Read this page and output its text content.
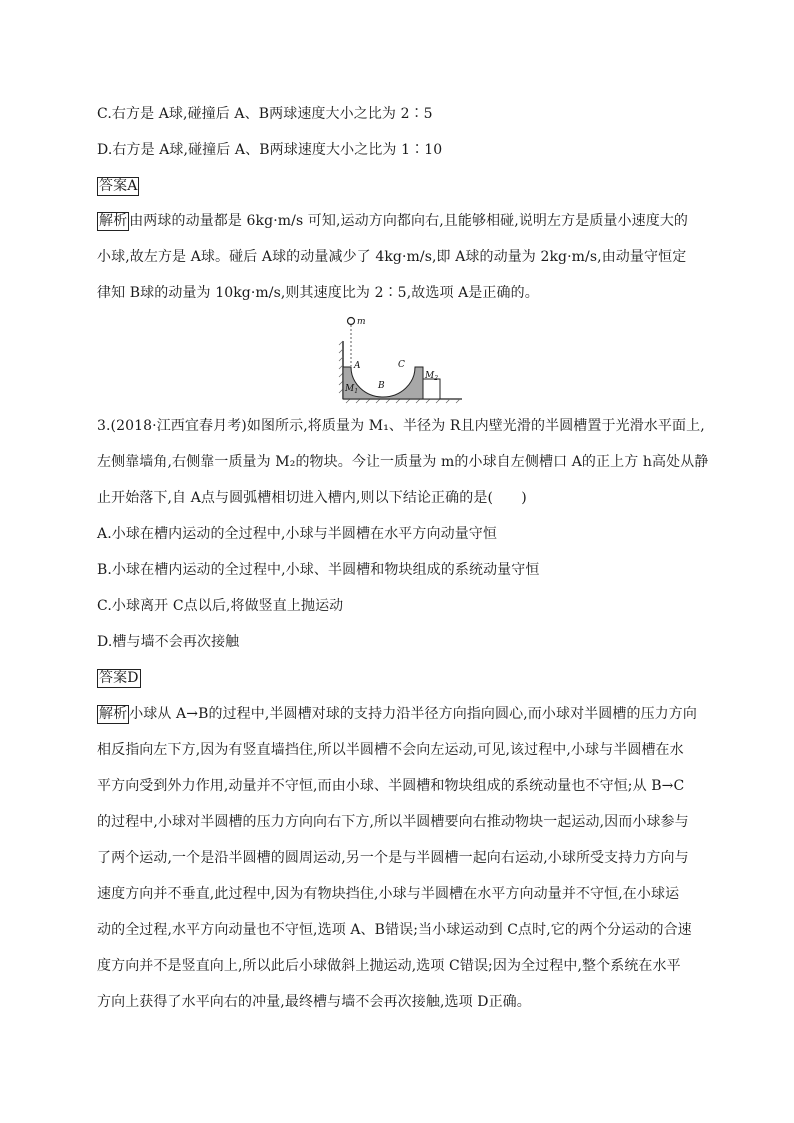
C.右方是 A球,碰撞后 A、B两球速度大小之比为 2∶5
D.右方是 A球,碰撞后 A、B两球速度大小之比为 1∶10
答案A
解析 由两球的动量都是 6kg·m/s 可知,运动方向都向右,且能够相碰,说明左方是质量小速度大的
小球,故左方是 A球。碰后 A球的动量减少了 4kg·m/s,即 A球的动量为 2kg·m/s,由动量守恒定
律知 B球的动量为 10kg·m/s,则其速度比为 2∶5,故选项 A是正确的。
m
A
B
C
$M_1$
$M_2$
3.(2018·江西宜春月考)如图所示,将质量为 M₁、半径为 R且内壁光滑的半圆槽置于光滑水平面上,
左侧靠墙角,右侧靠一质量为 M₂的物块。今让一质量为 m的小球自左侧槽口 A的正上方 h高处从静
止开始落下,自 A点与圆弧槽相切进入槽内,则以下结论正确的是(　　)
A.小球在槽内运动的全过程中,小球与半圆槽在水平方向动量守恒
B.小球在槽内运动的全过程中,小球、半圆槽和物块组成的系统动量守恒
C.小球离开 C点以后,将做竖直上抛运动
D.槽与墙不会再次接触
答案D
解析 小球从 A→B的过程中,半圆槽对球的支持力沿半径方向指向圆心,而小球对半圆槽的压力方向
相反指向左下方,因为有竖直墙挡住,所以半圆槽不会向左运动,可见,该过程中,小球与半圆槽在水
平方向受到外力作用,动量并不守恒,而由小球、半圆槽和物块组成的系统动量也不守恒;从 B→C
的过程中,小球对半圆槽的压力方向向右下方,所以半圆槽要向右推动物块一起运动,因而小球参与
了两个运动,一个是沿半圆槽的圆周运动,另一个是与半圆槽一起向右运动,小球所受支持力方向与
速度方向并不垂直,此过程中,因为有物块挡住,小球与半圆槽在水平方向动量并不守恒,在小球运
动的全过程,水平方向动量也不守恒,选项 A、B错误;当小球运动到 C点时,它的两个分运动的合速
度方向并不是竖直向上,所以此后小球做斜上抛运动,选项 C错误;因为全过程中,整个系统在水平
方向上获得了水平向右的冲量,最终槽与墙不会再次接触,选项 D正确。
